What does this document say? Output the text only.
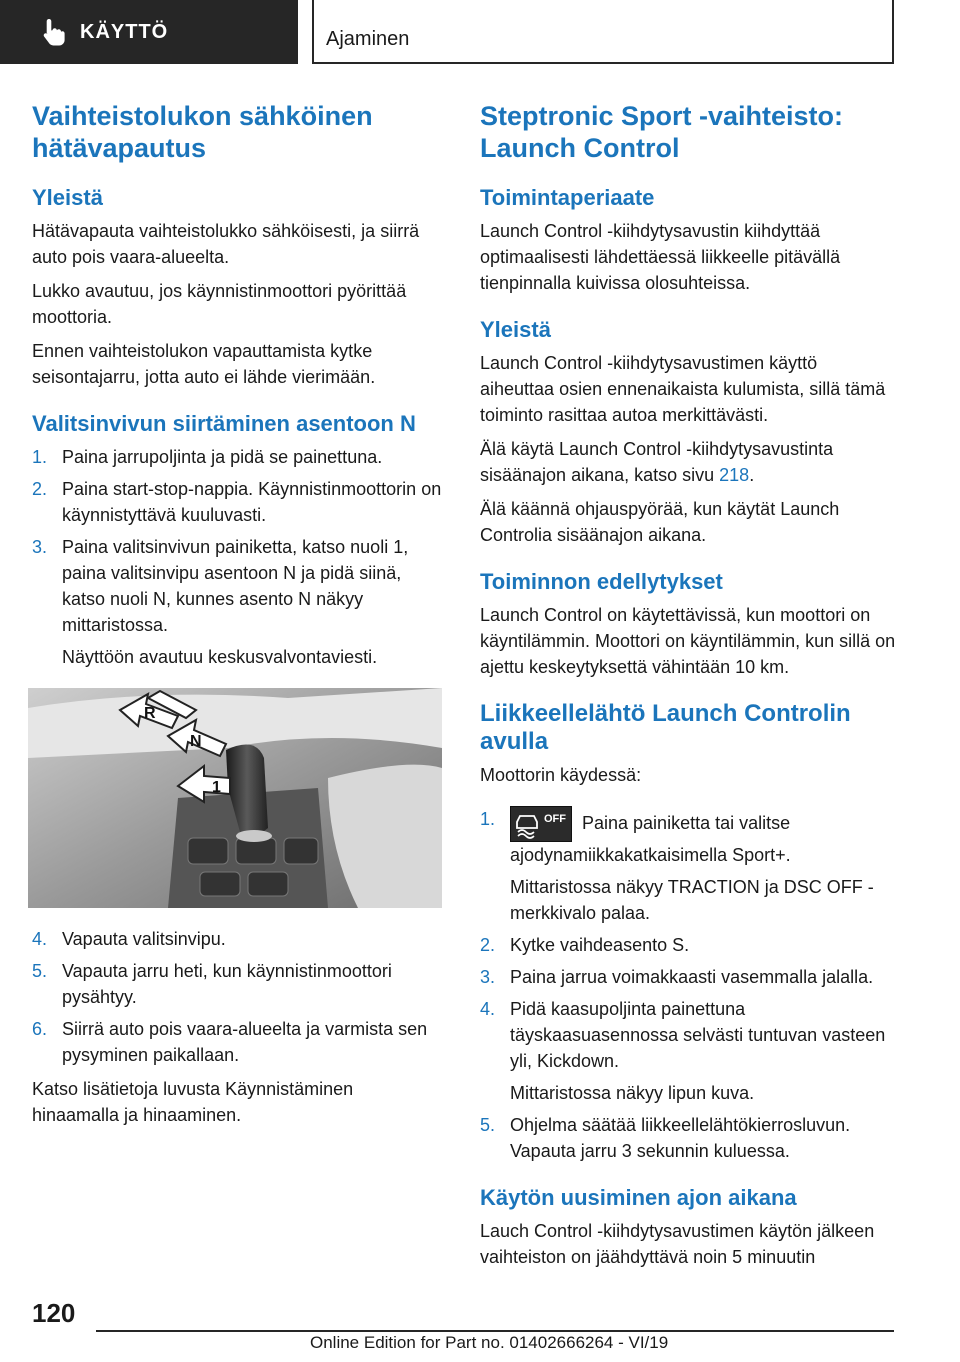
KÄYTTÖ	Ajaminen
Vaihteistolukon sähköinen hätävapautus
Yleistä

Hätävapauta vaihteistolukko sähköisesti, ja siirrä auto pois vaara-alueelta.

Lukko avautuu, jos käynnistinmoottori pyörittää moottoria.

Ennen vaihteistolukon vapauttamista kytke seisontajarru, jotta auto ei lähde vierimään.

Valitsinvivun siirtäminen asentoon N
1. Paina jarrupoljinta ja pidä se painettuna.
2. Paina start-stop-nappia. Käynnistinmoottorin on käynnistyttävä kuuluvasti.
3. Paina valitsinvivun painiketta, katso nuoli 1, paina valitsinvipu asentoon N ja pidä siinä, katso nuoli N, kunnes asento N näkyy mittaristossa.
Näyttöön avautuu keskusvalvontaviesti.
R
N
1
4. Vapauta valitsinvipu.
5. Vapauta jarru heti, kun käynnistinmoottori pysähtyy.
6. Siirrä auto pois vaara-alueelta ja varmista sen pysyminen paikallaan.

Katso lisätietoja luvusta Käynnistäminen hinaamalla ja hinaaminen.

Steptronic Sport -vaihteisto: Launch Control
Toimintaperiaate

Launch Control -kiihdytysavustin kiihdyttää optimaalisesti lähdettäessä liikkeelle pitävällä tienpinnalla kuivissa olosuhteissa.

Yleistä

Launch Control -kiihdytysavustimen käyttö aiheuttaa osien ennenaikaista kulumista, sillä tämä toiminto rasittaa autoa merkittävästi.

Älä käytä Launch Control -kiihdytysavustinta sisäänajon aikana, katso sivu 218.

Älä käännä ohjauspyörää, kun käytät Launch Controlia sisäänajon aikana.

Toiminnon edellytykset

Launch Control on käytettävissä, kun moottori on käyntilämmin. Moottori on käyntilämmin, kun sillä on ajettu keskeytyksettä vähintään 10 km.

Liikkeellelähtö Launch Controlin avulla

Moottorin käydessä:

1.	OFF Paina painiketta tai valitse ajodynamiikkakatkaisimella Sport+.
Mittaristossa näkyy TRACTION ja DSC OFF -merkkivalo palaa.
2. Kytke vaihdeasento S.
3. Paina jarrua voimakkaasti vasemmalla jalalla.
4. Pidä kaasupoljinta painettuna täyskaasuasennossa selvästi tuntuvan vasteen yli, Kickdown.
Mittaristossa näkyy lipun kuva.
5. Ohjelma säätää liikkeellelähtökierrosluvun. Vapauta jarru 3 sekunnin kuluessa.
Käytön uusiminen ajon aikana

Lauch Control -kiihdytysavustimen käytön jälkeen vaihteiston on jäähdyttävä noin 5 minuutin

120
Online Edition for Part no. 01402666264 - VI/19
